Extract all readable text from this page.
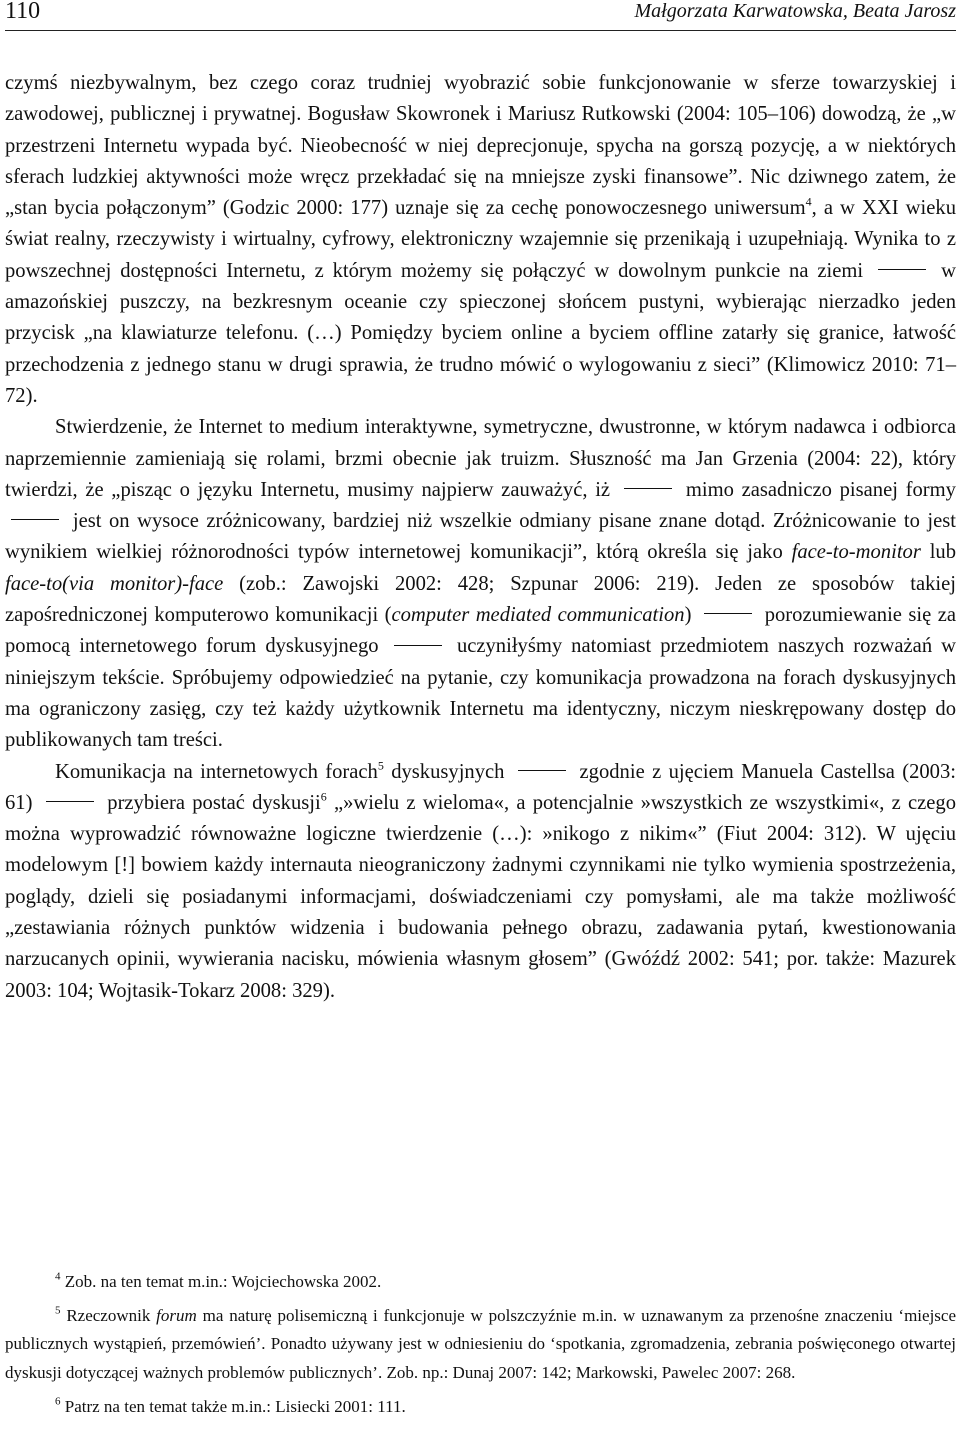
110	Małgorzata Karwatowska, Beata Jarosz

czymś niezbywalnym, bez czego coraz trudniej wyobrazić sobie funkcjonowanie w sferze towarzyskiej i zawodowej, publicznej i prywatnej. Bogusław Skowronek i Mariusz Rutkowski (2004: 105–106) dowodzą, że „w przestrzeni Internetu wypada być. Nieobecność w niej deprecjonuje, spycha na gorszą pozycję, a w niektórych sferach ludzkiej aktywności może wręcz przekładać się na mniejsze zyski finansowe”. Nic dziwnego zatem, że „stan bycia połączonym” (Godzic 2000: 177) uznaje się za cechę ponowoczesnego uniwersum$^4$, a w XXI wieku świat realny, rzeczywisty i wirtualny, cyfrowy, elektroniczny wzajemnie się przenikają i uzupełniają. Wynika to z powszechnej dostępności Internetu, z którym możemy się połączyć w dowolnym punkcie na ziemi	w amazońskiej puszczy, na bezkresnym oceanie czy spieczonej słońcem pustyni, wybierając nierzadko jeden przycisk „na klawiaturze telefonu. (…) Pomiędzy byciem online a byciem offline zatarły się granice, łatwość przechodzenia z jednego stanu w drugi sprawia, że trudno mówić o wylogowaniu z sieci” (Klimowicz 2010: 71–72).

Stwierdzenie, że Internet to medium interaktywne, symetryczne, dwustronne, w którym nadawca i odbiorca naprzemiennie zamieniają się rolami, brzmi obecnie jak truizm. Słuszność ma Jan Grzenia (2004: 22), który twierdzi, że „pisząc o języku Internetu, musimy najpierw zauważyć, iż	mimo zasadniczo pisanej formy  jest on wysoce zróżnicowany, bardziej niż wszelkie odmiany pisane znane dotąd. Zróżnicowanie to jest wynikiem wielkiej różnorodności typów internetowej komunikacji”, którą określa się jako face-to-monitor lub face-to(via monitor)-face (zob.: Zawojski 2002: 428; Szpunar 2006: 219). Jeden ze sposobów takiej zapośredniczonej komputerowo komunikacji (computer mediated communication)	porozumiewanie się za pomocą internetowego forum dyskusyjnego	uczyniłyśmy natomiast przedmiotem naszych rozważań w niniejszym tekście. Spróbujemy odpowiedzieć na pytanie, czy komunikacja prowadzona na forach dyskusyjnych ma ograniczony zasięg, czy też każdy użytkownik Internetu ma identyczny, niczym nieskrępowany dostęp do publikowanych tam treści.

Komunikacja na internetowych forach$^5$ dyskusyjnych	zgodnie z ujęciem Manuela Castellsa (2003: 61)	przybiera postać dyskusji$^6$ „»wielu z wieloma«, a potencjalnie »wszystkich ze wszystkimi«, z czego można wyprowadzić równoważne logiczne twierdzenie (…): »nikogo z nikim«” (Fiut 2004: 312). W ujęciu modelowym [!] bowiem każdy internauta nieograniczony żadnymi czynnikami nie tylko wymienia spostrzeżenia, poglądy, dzieli się posiadanymi informacjami, doświadczeniami czy pomysłami, ale ma także możliwość „zestawiania różnych punktów widzenia i budowania pełnego obrazu, zadawania pytań, kwestionowania narzucanych opinii, wywierania nacisku, mówienia własnym głosem” (Gwóźdź 2002: 541; por. także: Mazurek 2003: 104; Wojtasik-Tokarz 2008: 329).

$^4$ Zob. na ten temat m.in.: Wojciechowska 2002.

$^5$ Rzeczownik forum ma naturę polisemiczną i funkcjonuje w polszczyźnie m.in. w uznawanym za przenośne znaczeniu ‘miejsce publicznych wystąpień, przemówień’. Ponadto używany jest w odniesieniu do ‘spotkania, zgromadzenia, zebrania poświęconego otwartej dyskusji dotyczącej ważnych problemów publicznych’. Zob. np.: Dunaj 2007: 142; Markowski, Pawelec 2007: 268.

$^6$ Patrz na ten temat także m.in.: Lisiecki 2001: 111.
